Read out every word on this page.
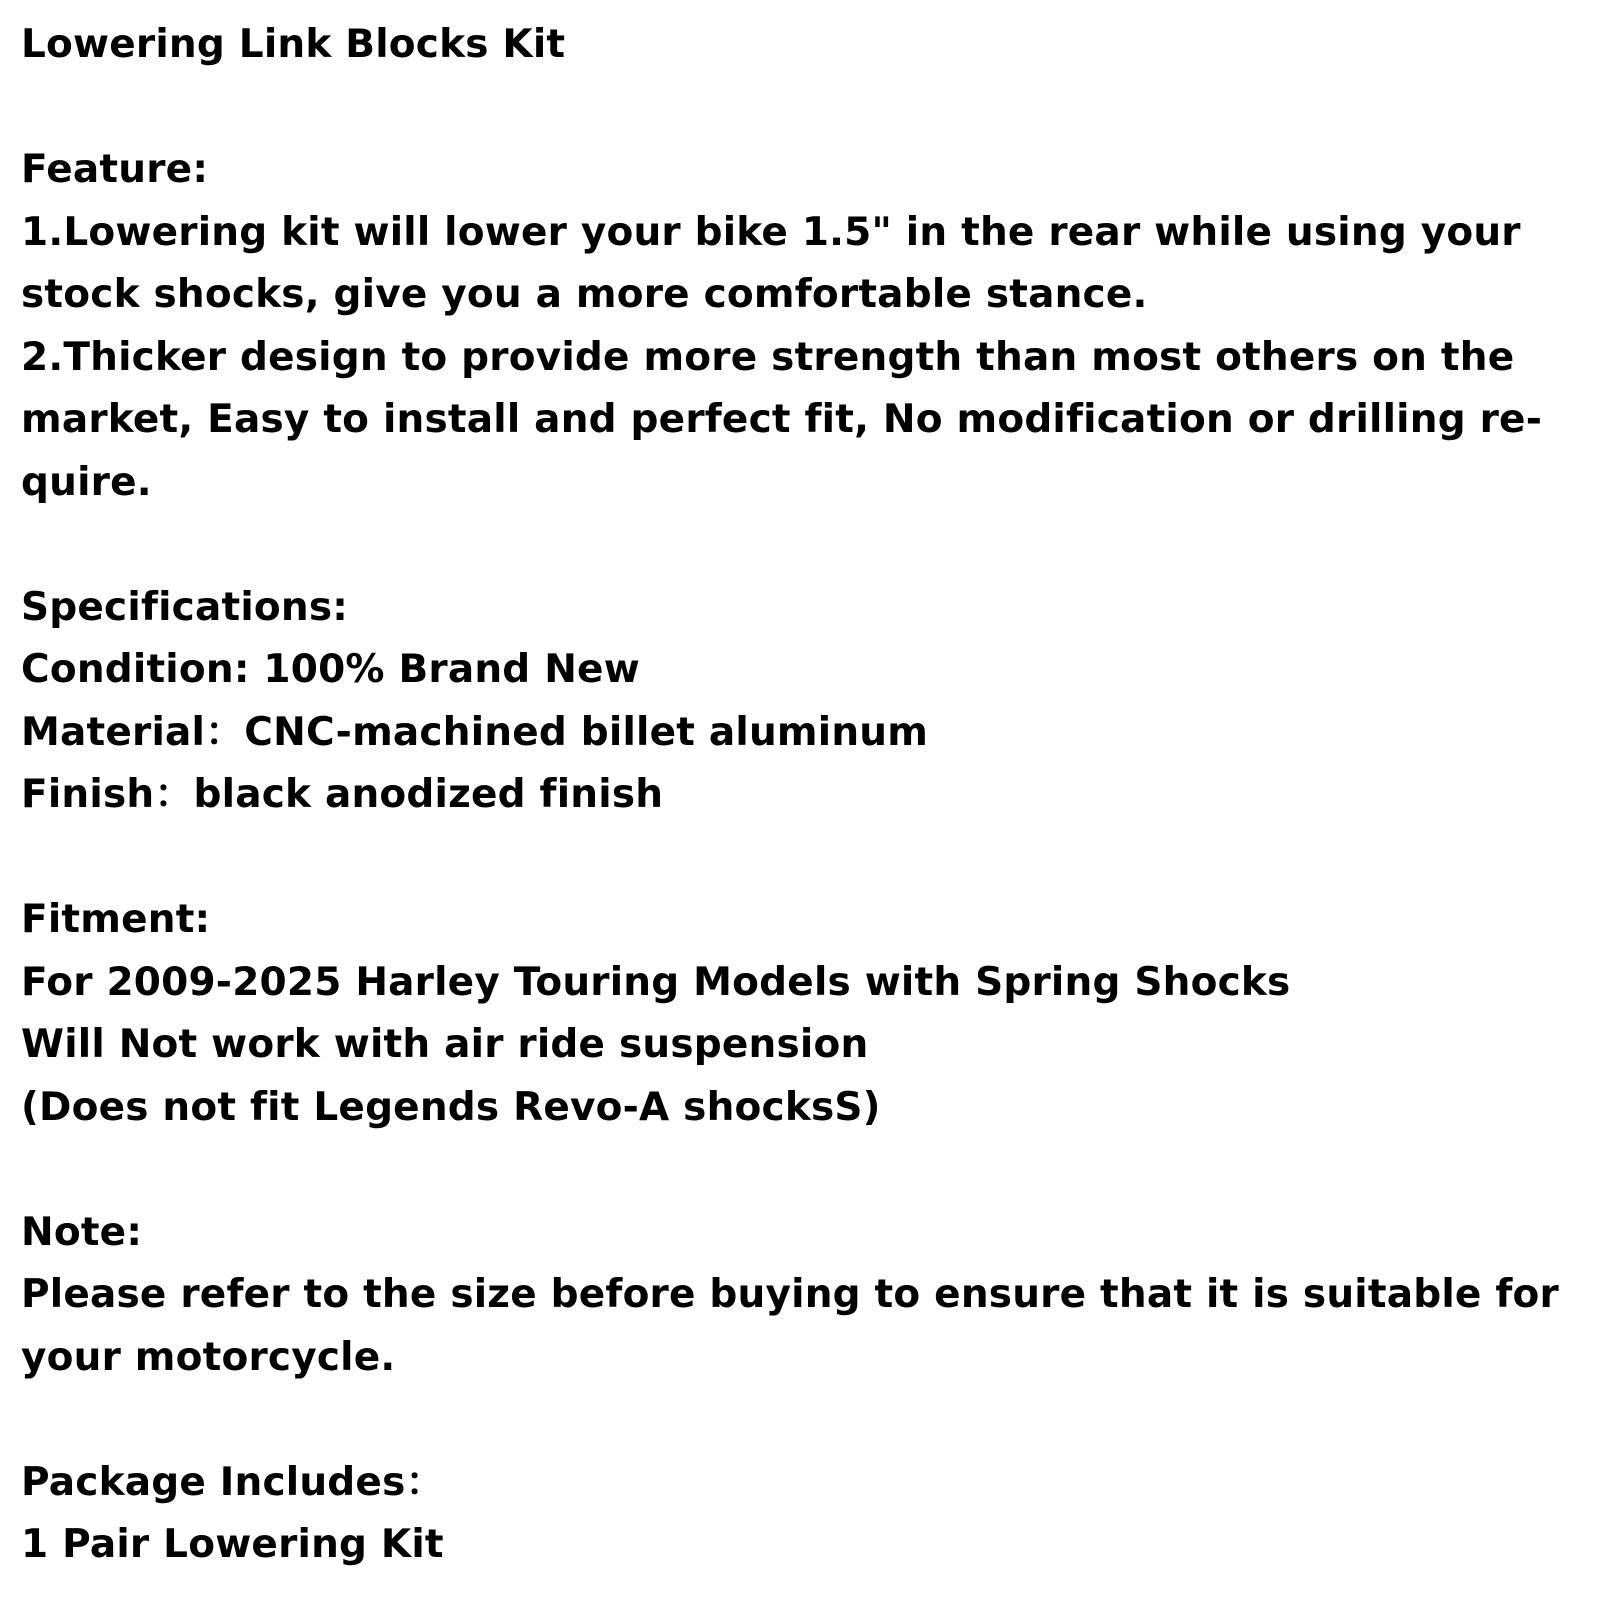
Lowering Link Blocks Kit
Feature:
1.Lowering kit will lower your bike 1.5" in the rear while using your
stock shocks, give you a more comfortable stance.
2.Thicker design to provide more strength than most others on the
market, Easy to install and perfect fit, No modification or drilling re-
quire.
Specifications:
Condition: 100% Brand New
Material：CNC-machined billet aluminum
Finish：black anodized finish
Fitment:
For 2009-2025 Harley Touring Models with Spring Shocks
Will Not work with air ride suspension
(Does not fit Legends Revo-A shocksS)
Note:
Please refer to the size before buying to ensure that it is suitable for
your motorcycle.
Package Includes：
1 Pair Lowering Kit
